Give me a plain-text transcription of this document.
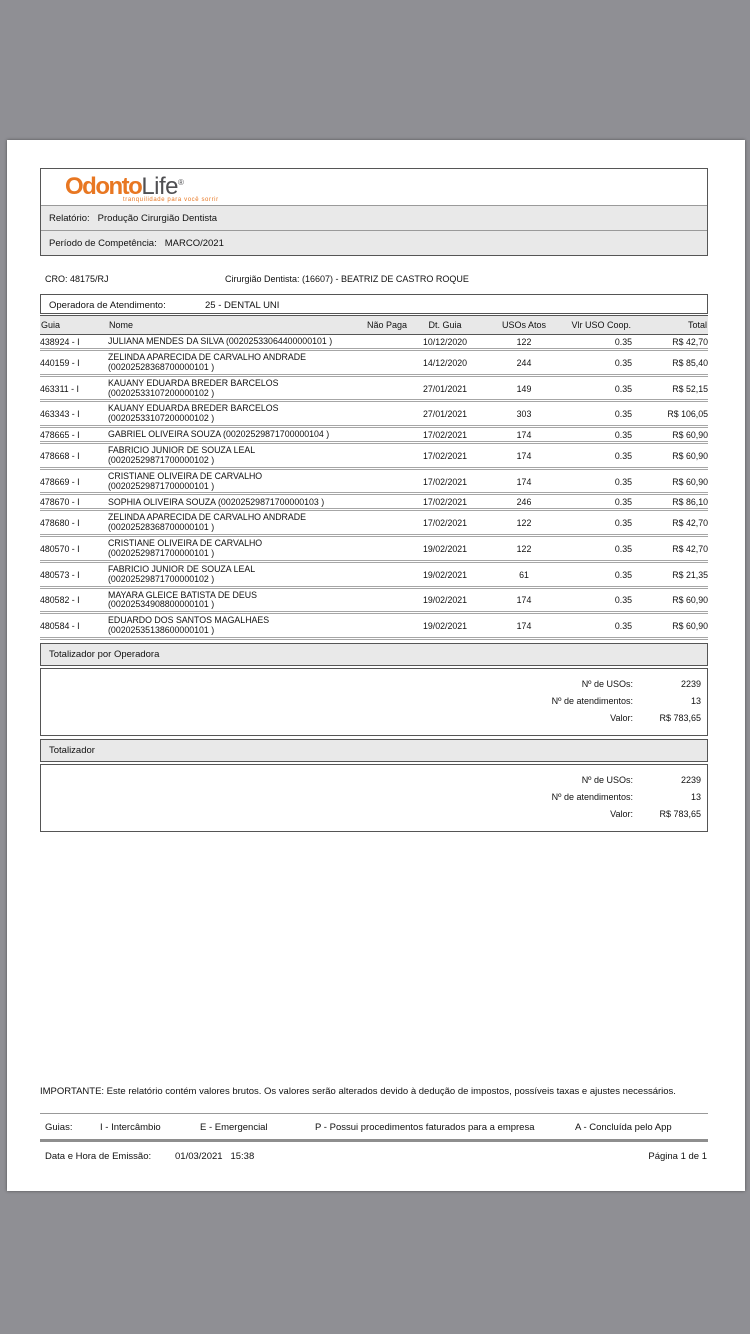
OdontoLife®
tranquilidade para você sorrir
Relatório: Produção Cirurgião Dentista
Período de Competência: MARCO/2021
CRO: 48175/RJ	Cirurgião Dentista: (16607) - BEATRIZ DE CASTRO ROQUE
Operadora de Atendimento:	25 - DENTAL UNI
Guia	Nome	Não Paga	Dt. Guia	USOs Atos	Vlr USO Coop.	Total
438924 - I	JULIANA MENDES DA SILVA (00202533064400000101 )		10/12/2020	122	0.35	R$ 42,70
440159 - I	ZELINDA APARECIDA DE CARVALHO ANDRADE
(00202528368700000101 )		14/12/2020	244	0.35	R$ 85,40
463311 - I	KAUANY EDUARDA BREDER BARCELOS
(00202533107200000102 )		27/01/2021	149	0.35	R$ 52,15
463343 - I	KAUANY EDUARDA BREDER BARCELOS
(00202533107200000102 )		27/01/2021	303	0.35	R$ 106,05
478665 - I	GABRIEL OLIVEIRA SOUZA (00202529871700000104 )		17/02/2021	174	0.35	R$ 60,90
478668 - I	FABRICIO JUNIOR DE SOUZA LEAL
(00202529871700000102 )		17/02/2021	174	0.35	R$ 60,90
478669 - I	CRISTIANE OLIVEIRA DE CARVALHO
(00202529871700000101 )		17/02/2021	174	0.35	R$ 60,90
478670 - I	SOPHIA OLIVEIRA SOUZA (00202529871700000103 )		17/02/2021	246	0.35	R$ 86,10
478680 - I	ZELINDA APARECIDA DE CARVALHO ANDRADE
(00202528368700000101 )		17/02/2021	122	0.35	R$ 42,70
480570 - I	CRISTIANE OLIVEIRA DE CARVALHO
(00202529871700000101 )		19/02/2021	122	0.35	R$ 42,70
480573 - I	FABRICIO JUNIOR DE SOUZA LEAL
(00202529871700000102 )		19/02/2021	61	0.35	R$ 21,35
480582 - I	MAYARA GLEICE BATISTA DE DEUS
(00202534908800000101 )		19/02/2021	174	0.35	R$ 60,90
480584 - I	EDUARDO DOS SANTOS MAGALHAES
(00202535138600000101 )		19/02/2021	174	0.35	R$ 60,90
Totalizador por Operadora
Nº de USOs:	2239
Nº de atendimentos:	13
Valor:	R$ 783,65
Totalizador
Nº de USOs:	2239
Nº de atendimentos:	13
Valor:	R$ 783,65
IMPORTANTE: Este relatório contém valores brutos. Os valores serão alterados devido à dedução de impostos, possíveis taxas e ajustes necessários.
Guias:	I - Intercâmbio	E - Emergencial	P - Possui procedimentos faturados para a empresa	A - Concluída pelo App
Data e Hora de Emissão:	01/03/2021   15:38	Página 1 de 1
